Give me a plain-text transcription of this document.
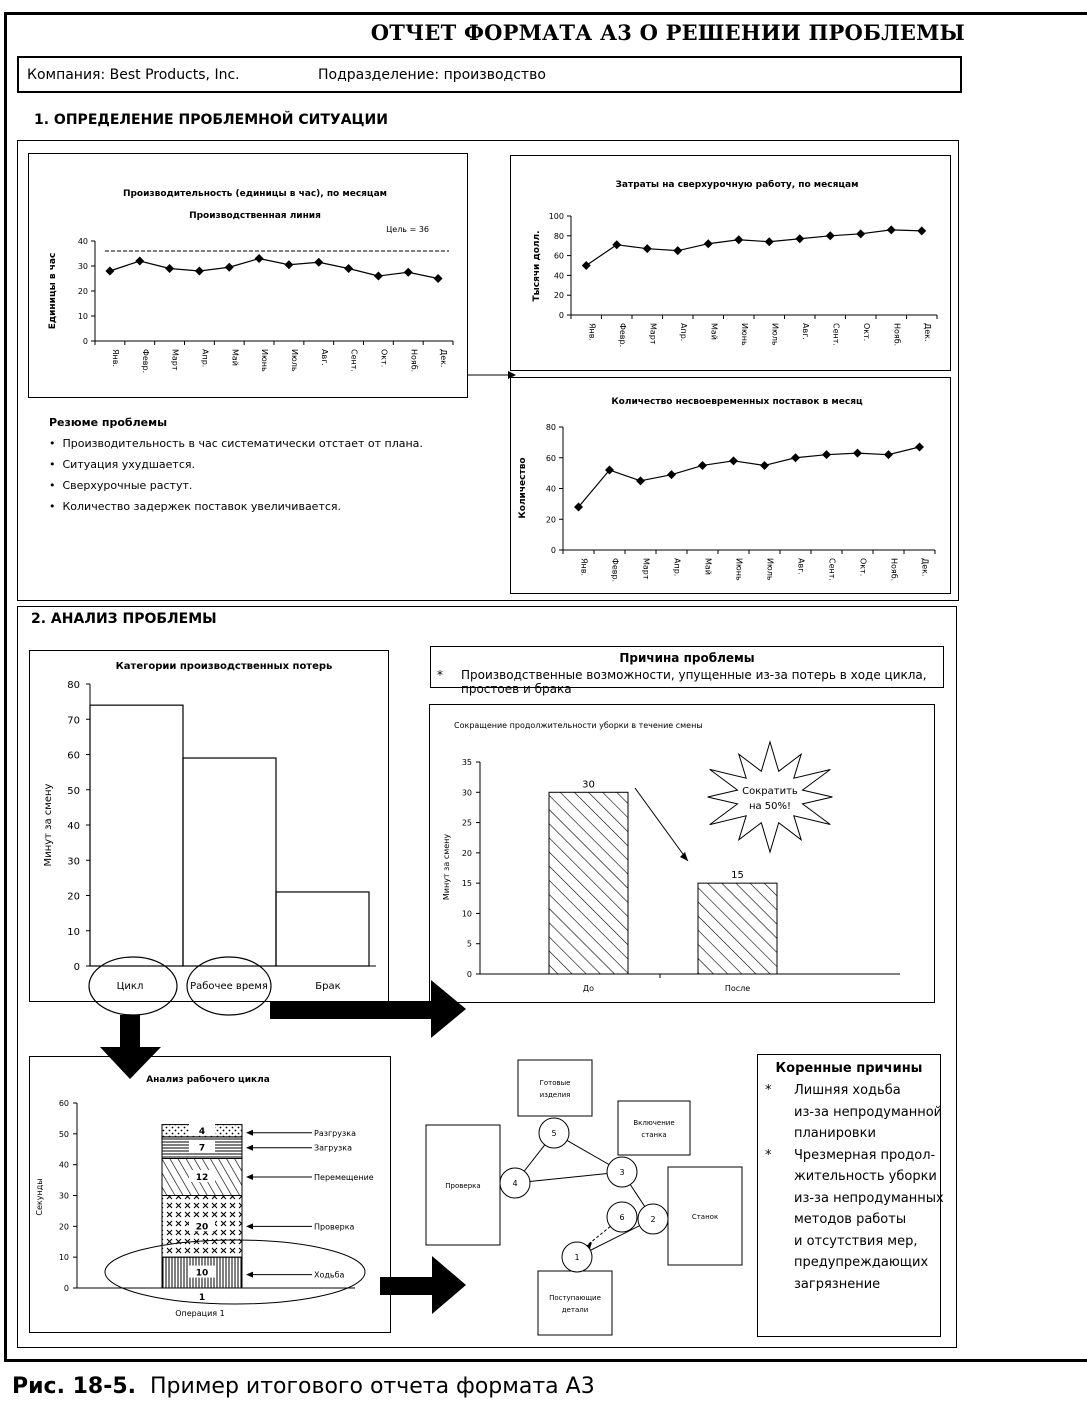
ОТЧЕТ ФОРМАТА А3 О РЕШЕНИИ ПРОБЛЕМЫ
Компания: Best Products, Inc.	Подразделение: производство
1. ОПРЕДЕЛЕНИЕ ПРОБЛЕМНОЙ СИТУАЦИИ
Производительность (единицы в час), по месяцам
Производственная линия
0
10
20
30
40
Янв.	Февр.	Март	Апр.	Май	Июнь	Июль	Авг.	Сент.	Окт.	Нояб.	Дек.
Единицы в час
Цель = 36
Затраты на сверхурочную работу, по месяцам
0
20
40
60
80
100
Янв.	Февр.	Март	Апр.	Май	Июнь	Июль	Авг.	Сент.	Окт.	Нояб.	Дек.
Тысячи долл.
Количество несвоевременных поставок в месяц
0
20
40
60
80
Янв.	Февр.	Март	Апр.	Май	Июнь	Июль	Авг.	Сент.	Окт.	Нояб.	Дек.
Количество
Резюме проблемы
•  Производительность в час систематически отстает от плана.
•  Ситуация ухудшается.
•  Сверхурочные растут.
•  Количество задержек поставок увеличивается.
2. АНАЛИЗ ПРОБЛЕМЫ
Категории производственных потерь
0
10
20
30
40
50
60
70
80
Минут за смену
Цикл	Рабочее время	Брак
Причина проблемы
* Производственные возможности, упущенные из-за потерь в ходе цикла, простоев и брака
Сокращение продолжительности уборки в течение смены
0
5
10
15
20
25
30
35
Минут за смену
30
До
15
После
Сократить
на 50%!
Анализ рабочего цикла
0
10
20
30
40
50
60
Секунды
10	Ходьба
20	Проверка
12	Перемещение
7	Загрузка
4	Разгрузка
1
Операция 1
Готовые
изделия
Включение
станка
Проверка
Станок
Поступающие
детали
5
4
3
6	2
1
Коренные причины
* Лишняя ходьба
из-за непродуманной
планировки
* Чрезмерная продол-
жительность уборки
из-за непродуманных
методов работы
и отсутствия мер,
предупреждающих
загрязнение
Рис. 18-5. Пример итогового отчета формата А3
